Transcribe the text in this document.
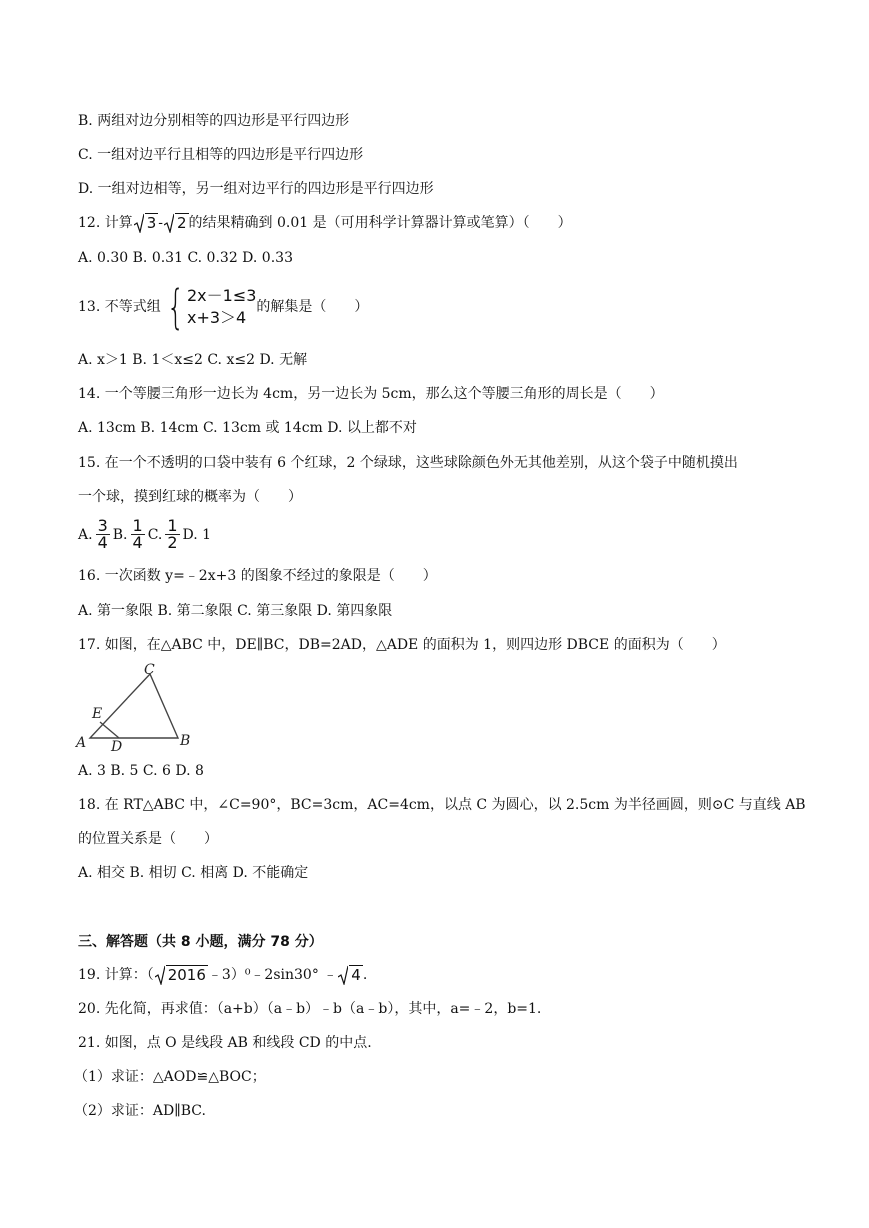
B. 两组对边分别相等的四边形是平行四边形
C. 一组对边平行且相等的四边形是平行四边形
D. 一组对边相等，另一组对边平行的四边形是平行四边形
12. 计算 3 - 2 的结果精确到 0.01 是（可用科学计算器计算或笔算）（　　）
A. 0.30 B. 0.31 C. 0.32 D. 0.33
13. 不等式组 { 2x－1≤3
x+3＞4
的解集是（　　）
A. x＞1 B. 1＜x≤2 C. x≤2 D. 无解
14. 一个等腰三角形一边长为 4cm，另一边长为 5cm，那么这个等腰三角形的周长是（　　）
A. 13cm B. 14cm C. 13cm 或 14cm D. 以上都不对
15. 在一个不透明的口袋中装有 6 个红球，2 个绿球，这些球除颜色外无其他差别，从这个袋子中随机摸出
一个球，摸到红球的概率为（　　）
A. $\frac{3}{4} B$. $\frac{1}{4} C$. $\frac{1}{2} D$. 1
16. 一次函数 y=﹣2x+3 的图象不经过的象限是（　　）
A. 第一象限 B. 第二象限 C. 第三象限 D. 第四象限
17. 如图，在△ABC 中，DE∥BC，DB=2AD，△ADE 的面积为 1，则四边形 DBCE 的面积为（　　）
C
E
A D	B
A. 3 B. 5 C. 6 D. 8
18. 在 RT△ABC 中，∠C=90°，BC=3cm，AC=4cm，以点 C 为圆心，以 2.5cm 为半径画圆，则⊙C 与直线 AB
的位置关系是（　　）
A. 相交 B. 相切 C. 相离 D. 不能确定
三、解答题（共 8 小题，满分 78 分）
19. 计算：（ 2016 ﹣3）⁰﹣2sin30° ﹣ 4 .
20. 先化简，再求值：（a+b）（a﹣b）﹣b（a﹣b），其中，a=﹣2，b=1.
21. 如图，点 O 是线段 AB 和线段 CD 的中点.
（1）求证：△AOD≌△BOC；
（2）求证：AD∥BC.
